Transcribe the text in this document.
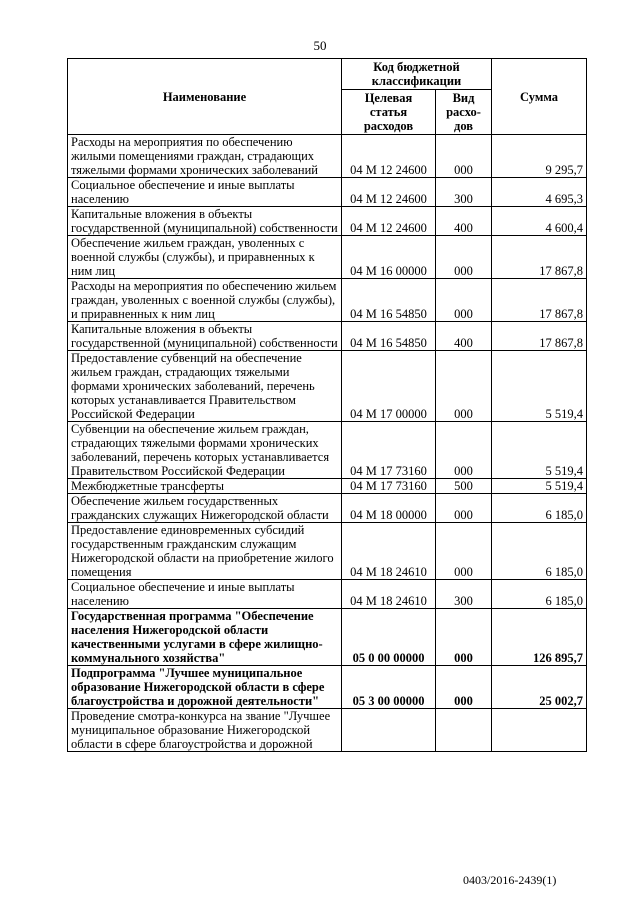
50
Наименование	Код бюджетной классификации		Сумма
	Целевая статья расходов	Вид расхо- дов	
Расходы на мероприятия по обеспечению жилыми помещениями граждан, страдающих тяжелыми формами хронических заболеваний	04 М 12 24600	000	9 295,7
Социальное обеспечение и иные выплаты населению	04 М 12 24600	300	4 695,3
Капитальные вложения в объекты государственной (муниципальной) собственности	04 М 12 24600	400	4 600,4
Обеспечение жильем граждан, уволенных с военной службы (службы), и приравненных к ним лиц	04 М 16 00000	000	17 867,8
Расходы на мероприятия по обеспечению жильем граждан, уволенных с военной службы (службы), и приравненных к ним лиц	04 М 16 54850	000	17 867,8
Капитальные вложения в объекты государственной (муниципальной) собственности	04 М 16 54850	400	17 867,8
Предоставление субвенций на обеспечение жильем граждан, страдающих тяжелыми формами хронических заболеваний, перечень которых устанавливается Правительством Российской Федерации	04 М 17 00000	000	5 519,4
Субвенции на обеспечение жильем граждан, страдающих тяжелыми формами хронических заболеваний, перечень которых устанавливается Правительством Российской Федерации	04 М 17 73160	000	5 519,4
Межбюджетные трансферты	04 М 17 73160	500	5 519,4
Обеспечение жильем государственных гражданских служащих Нижегородской области	04 М 18 00000	000	6 185,0
Предоставление единовременных субсидий государственным гражданским служащим Нижегородской области на приобретение жилого помещения	04 М 18 24610	000	6 185,0
Социальное обеспечение и иные выплаты населению	04 М 18 24610	300	6 185,0
Государственная программа "Обеспечение населения Нижегородской области качественными услугами в сфере жилищно-коммунального хозяйства"	05 0 00 00000	000	126 895,7
Подпрограмма "Лучшее муниципальное образование Нижегородской области в сфере благоустройства и дорожной деятельности"	05 3 00 00000	000	25 002,7
Проведение смотра-конкурса на звание "Лучшее муниципальное образование Нижегородской области в сфере благоустройства и дорожной			
0403/2016-2439(1)
